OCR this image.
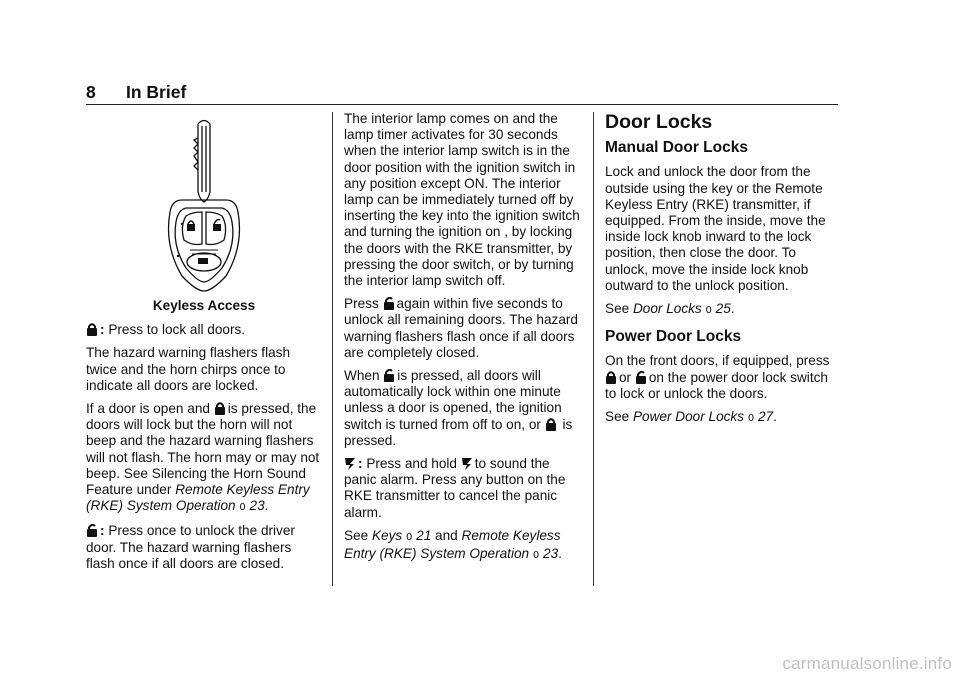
8 In Brief
Keyless Access

: Press to lock all doors.

The hazard warning flashers flash twice and the horn chirps once to indicate all doors are locked.

If a door is open and is pressed, the doors will lock but the horn will not beep and the hazard warning flashers will not flash. The horn may or may not beep. See Silencing the Horn Sound Feature under Remote Keyless Entry (RKE) System Operation 0 23.

: Press once to unlock the driver door. The hazard warning flashers flash once if all doors are closed.

The interior lamp comes on and the lamp timer activates for 30 seconds when the interior lamp switch is in the door position with the ignition switch in any position except ON. The interior lamp can be immediately turned off by inserting the key into the ignition switch and turning the ignition on , by locking the doors with the RKE transmitter, by pressing the door switch, or by turning the interior lamp switch off.

Press again within five seconds to unlock all remaining doors. The hazard warning flashers flash once if all doors are completely closed.

When is pressed, all doors will automatically lock within one minute unless a door is opened, the ignition switch is turned from off to on, or is pressed.

: Press and hold to sound the panic alarm. Press any button on the RKE transmitter to cancel the panic alarm.

See Keys 0 21 and Remote Keyless Entry (RKE) System Operation 0 23.

Door Locks
Manual Door Locks

Lock and unlock the door from the outside using the key or the Remote Keyless Entry (RKE) transmitter, if equipped. From the inside, move the inside lock knob inward to the lock position, then close the door. To unlock, move the inside lock knob outward to the unlock position.

See Door Locks 0 25.

Power Door Locks

On the front doors, if equipped, press
or on the power door lock switch to lock or unlock the doors.

See Power Door Locks 0 27.

carmanualsonline.info
